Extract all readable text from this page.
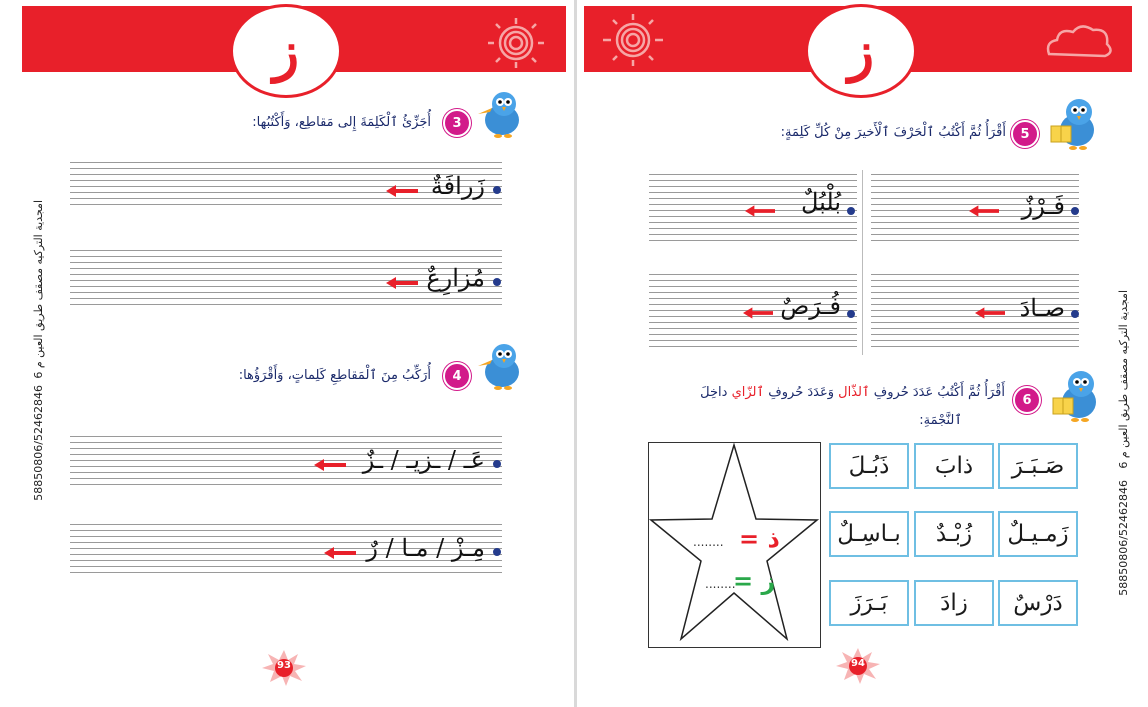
ز
امجدية التركيه مصقف طريق العين م 6
58850806/52462846
3
أُجَزِّئُ ٱلْكَلِمَةَ إِلى مَقاطِع، وَأَكْتُبُها:
زَرافَةٌ
مُزارِعٌ
4
أُرَكِّبُ مِنَ ٱلْمَقاطِعِ كَلِماتٍ، وَأَقْرَؤُها:
عَـ / ـزيـ / ـزٌ
مِـزْ / مـا / رٌ
93
ز
امجدية التركيه مصقف طريق العين م 6
58850806/52462846
5
أَقْرَأُ ثُمَّ أَكْتُبُ ٱلْحَرْفَ ٱلْأَخيرَ مِنْ كُلِّ كَلِمَةٍ:
فَـرْزٌ
بُلْبُلٌ
صـادَ
فُـرَصٌ
6
أَقْرَأُ ثُمَّ أَكْتُبُ عَدَدَ حُروفِ ٱلذّال وَعَدَدَ حُروفِ ٱلزّاي داخِلَ
ٱلنَّجْمَةِ:
........ ذ =
........
ز =
صَـبَـرَ
ذابَ
ذَبُـلَ
زَمـيـلٌ
زُبْـدٌ
بـاسِـلٌ
دَرْسٌ
زادَ
بَـرَزَ
94
